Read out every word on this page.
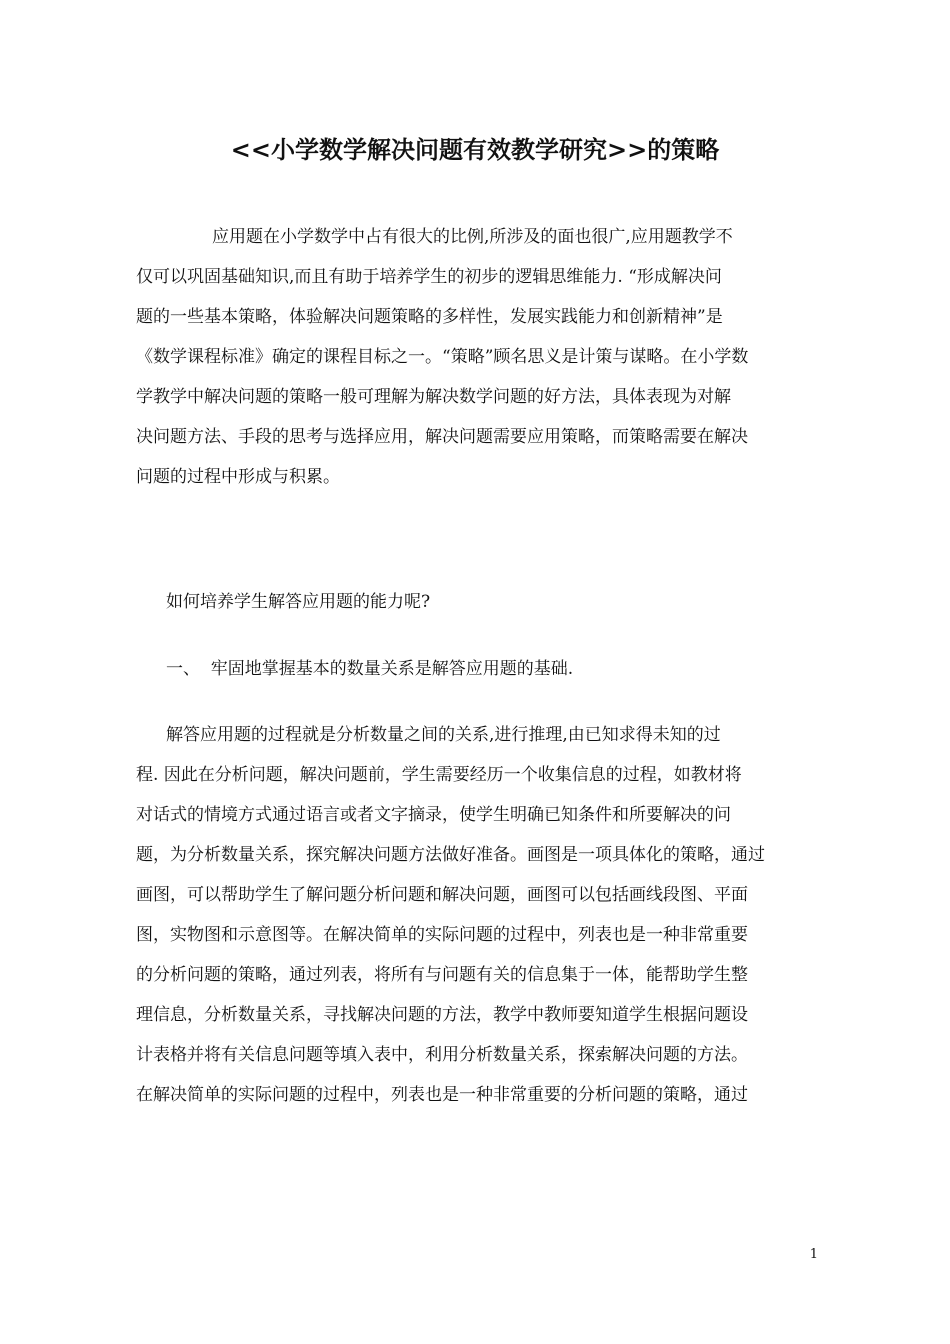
<<小学数学解决问题有效教学研究>>的策略
应用题在小学数学中占有很大的比例,所涉及的面也很广,应用题教学不
仅可以巩固基础知识,而且有助于培养学生的初步的逻辑思维能力. “形成解决问
题的一些基本策略，体验解决问题策略的多样性，发展实践能力和创新精神”是
《数学课程标准》确定的课程目标之一。“策略”顾名思义是计策与谋略。在小学数
学教学中解决问题的策略一般可理解为解决数学问题的好方法，具体表现为对解
决问题方法、手段的思考与选择应用，解决问题需要应用策略，而策略需要在解决
问题的过程中形成与积累。
如何培养学生解答应用题的能力呢?
一、  牢固地掌握基本的数量关系是解答应用题的基础.
解答应用题的过程就是分析数量之间的关系,进行推理,由已知求得未知的过
程. 因此在分析问题，解决问题前，学生需要经历一个收集信息的过程，如教材将
对话式的情境方式通过语言或者文字摘录，使学生明确已知条件和所要解决的问
题，为分析数量关系，探究解决问题方法做好准备。画图是一项具体化的策略，通过
画图，可以帮助学生了解问题分析问题和解决问题，画图可以包括画线段图、平面
图，实物图和示意图等。在解决简单的实际问题的过程中，列表也是一种非常重要
的分析问题的策略，通过列表，将所有与问题有关的信息集于一体，能帮助学生整
理信息，分析数量关系，寻找解决问题的方法，教学中教师要知道学生根据问题设
计表格并将有关信息问题等填入表中，利用分析数量关系，探索解决问题的方法。
在解决简单的实际问题的过程中，列表也是一种非常重要的分析问题的策略，通过
1
